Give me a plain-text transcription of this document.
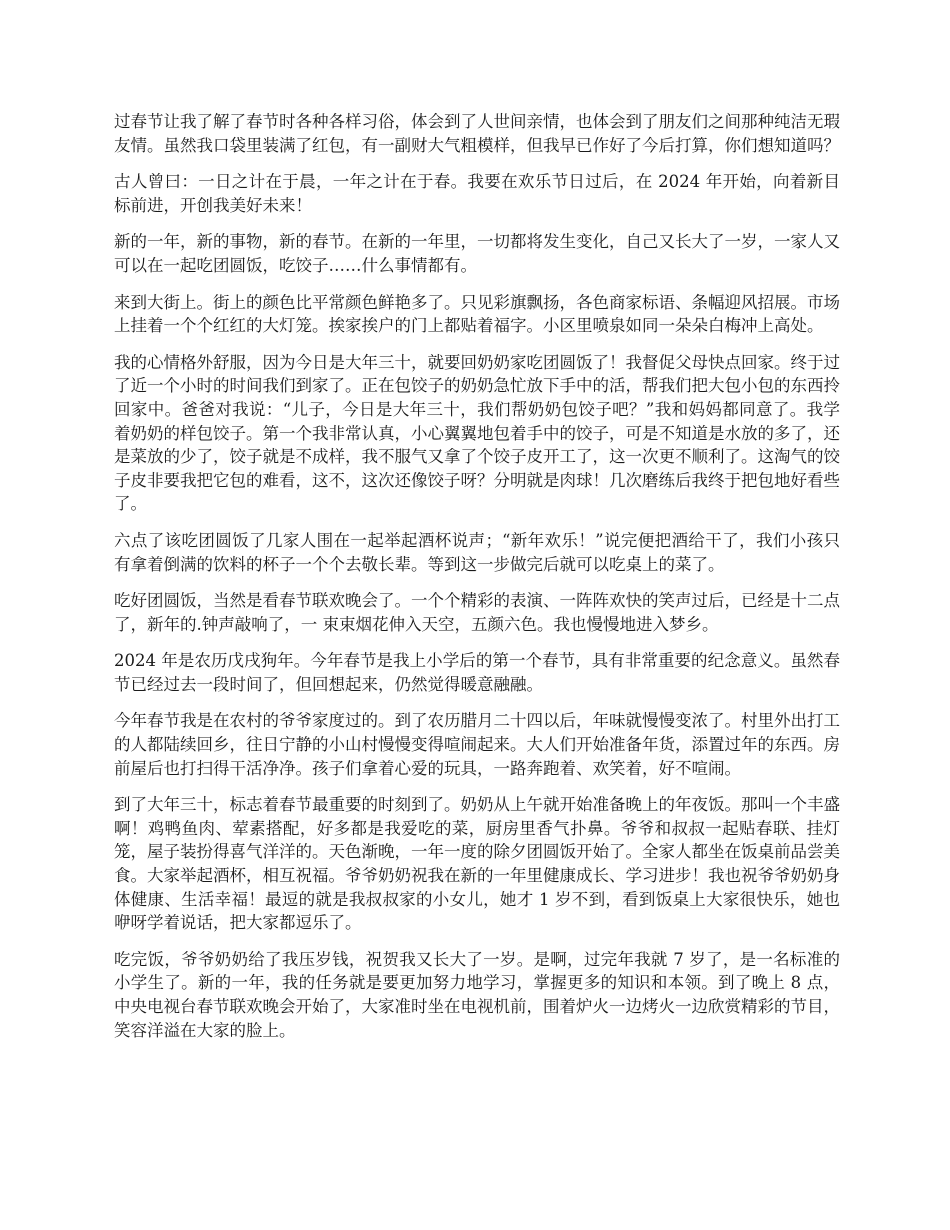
过春节让我了解了春节时各种各样习俗，体会到了人世间亲情，也体会到了朋友们之间那种纯洁无瑕友情。虽然我口袋里装满了红包，有一副财大气粗模样，但我早已作好了今后打算，你们想知道吗？

古人曾曰：一日之计在于晨，一年之计在于春。我要在欢乐节日过后，在 2024 年开始，向着新目标前进，开创我美好未来！

新的一年，新的事物，新的春节。在新的一年里，一切都将发生变化，自己又长大了一岁，一家人又可以在一起吃团圆饭，吃饺子……什么事情都有。

来到大街上。街上的颜色比平常颜色鲜艳多了。只见彩旗飘扬，各色商家标语、条幅迎风招展。市场上挂着一个个红红的大灯笼。挨家挨户的门上都贴着福字。小区里喷泉如同一朵朵白梅冲上高处。

我的心情格外舒服，因为今日是大年三十，就要回奶奶家吃团圆饭了！我督促父母快点回家。终于过了近一个小时的时间我们到家了。正在包饺子的奶奶急忙放下手中的活，帮我们把大包小包的东西拎回家中。爸爸对我说：“儿子，今日是大年三十，我们帮奶奶包饺子吧？”我和妈妈都同意了。我学着奶奶的样包饺子。第一个我非常认真，小心翼翼地包着手中的饺子，可是不知道是水放的多了，还是菜放的少了，饺子就是不成样，我不服气又拿了个饺子皮开工了，这一次更不顺利了。这淘气的饺子皮非要我把它包的难看，这不，这次还像饺子呀？分明就是肉球！几次磨练后我终于把包地好看些了。

六点了该吃团圆饭了几家人围在一起举起酒杯说声；“新年欢乐！”说完便把酒给干了，我们小孩只有拿着倒满的饮料的杯子一个个去敬长辈。等到这一步做完后就可以吃桌上的菜了。

吃好团圆饭，当然是看春节联欢晚会了。一个个精彩的表演、一阵阵欢快的笑声过后，已经是十二点了，新年的.钟声敲响了，一 束束烟花伸入天空，五颜六色。我也慢慢地进入梦乡。

2024 年是农历戊戌狗年。今年春节是我上小学后的第一个春节，具有非常重要的纪念意义。虽然春节已经过去一段时间了，但回想起来，仍然觉得暖意融融。

今年春节我是在农村的爷爷家度过的。到了农历腊月二十四以后，年味就慢慢变浓了。村里外出打工的人都陆续回乡，往日宁静的小山村慢慢变得喧闹起来。大人们开始准备年货，添置过年的东西。房前屋后也打扫得干活净净。孩子们拿着心爱的玩具，一路奔跑着、欢笑着，好不喧闹。

到了大年三十，标志着春节最重要的时刻到了。奶奶从上午就开始准备晚上的年夜饭。那叫一个丰盛啊！鸡鸭鱼肉、荤素搭配，好多都是我爱吃的菜，厨房里香气扑鼻。爷爷和叔叔一起贴春联、挂灯笼，屋子装扮得喜气洋洋的。天色渐晚，一年一度的除夕团圆饭开始了。全家人都坐在饭桌前品尝美食。大家举起酒杯，相互祝福。爷爷奶奶祝我在新的一年里健康成长、学习进步！我也祝爷爷奶奶身体健康、生活幸福！最逗的就是我叔叔家的小女儿，她才 1 岁不到，看到饭桌上大家很快乐，她也咿呀学着说话，把大家都逗乐了。

吃完饭，爷爷奶奶给了我压岁钱，祝贺我又长大了一岁。是啊，过完年我就 7 岁了，是一名标准的小学生了。新的一年，我的任务就是要更加努力地学习，掌握更多的知识和本领。到了晚上 8 点，中央电视台春节联欢晚会开始了，大家准时坐在电视机前，围着炉火一边烤火一边欣赏精彩的节目，笑容洋溢在大家的脸上。
